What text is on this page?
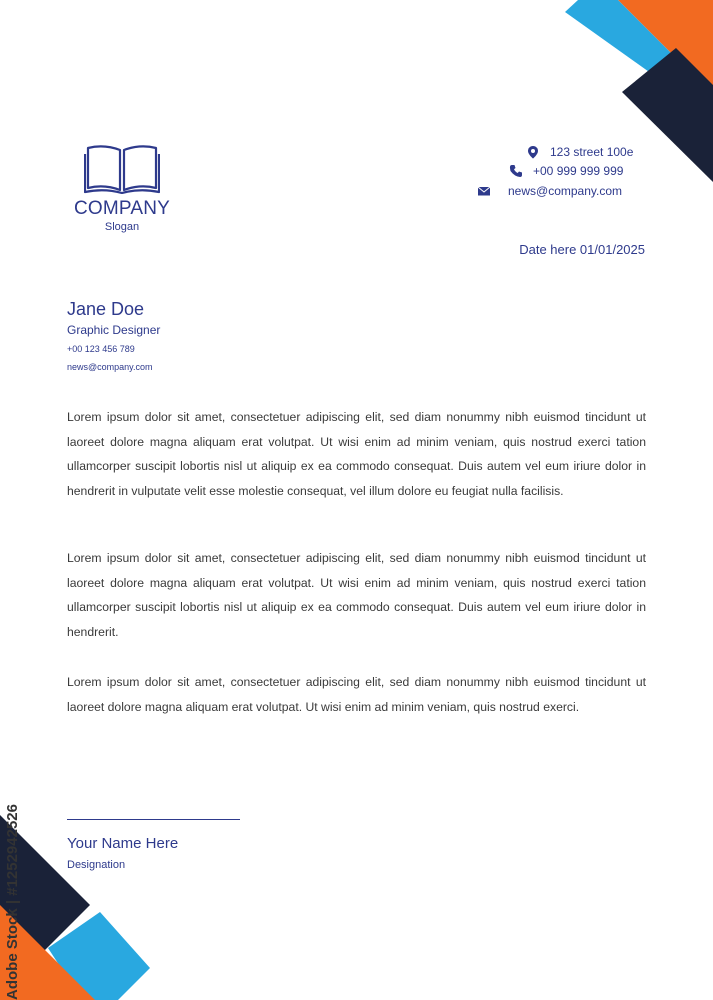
COMPANY
Slogan
123 street 100e
+00 999 999 999
news@company.com
Date here 01/01/2025
Jane Doe
Graphic Designer
+00 123 456 789
news@company.com

Lorem ipsum dolor sit amet, consectetuer adipiscing elit, sed diam nonummy nibh euismod tincidunt ut laoreet dolore magna aliquam erat volutpat. Ut wisi enim ad minim veniam, quis nostrud exerci tation ullamcorper suscipit lobortis nisl ut aliquip ex ea commodo consequat. Duis autem vel eum iriure dolor in hendrerit in vulputate velit esse molestie consequat, vel illum dolore eu feugiat nulla facilisis.

Lorem ipsum dolor sit amet, consectetuer adipiscing elit, sed diam nonummy nibh euismod tincidunt ut laoreet dolore magna aliquam erat volutpat. Ut wisi enim ad minim veniam, quis nostrud exerci tation ullamcorper suscipit lobortis nisl ut aliquip ex ea commodo consequat. Duis autem vel eum iriure dolor in hendrerit.

Lorem ipsum dolor sit amet, consectetuer adipiscing elit, sed diam nonummy nibh euismod tincidunt ut laoreet dolore magna aliquam erat volutpat. Ut wisi enim ad minim veniam, quis nostrud exerci.

Your Name Here
Designation
Adobe Stock | #1252942526
